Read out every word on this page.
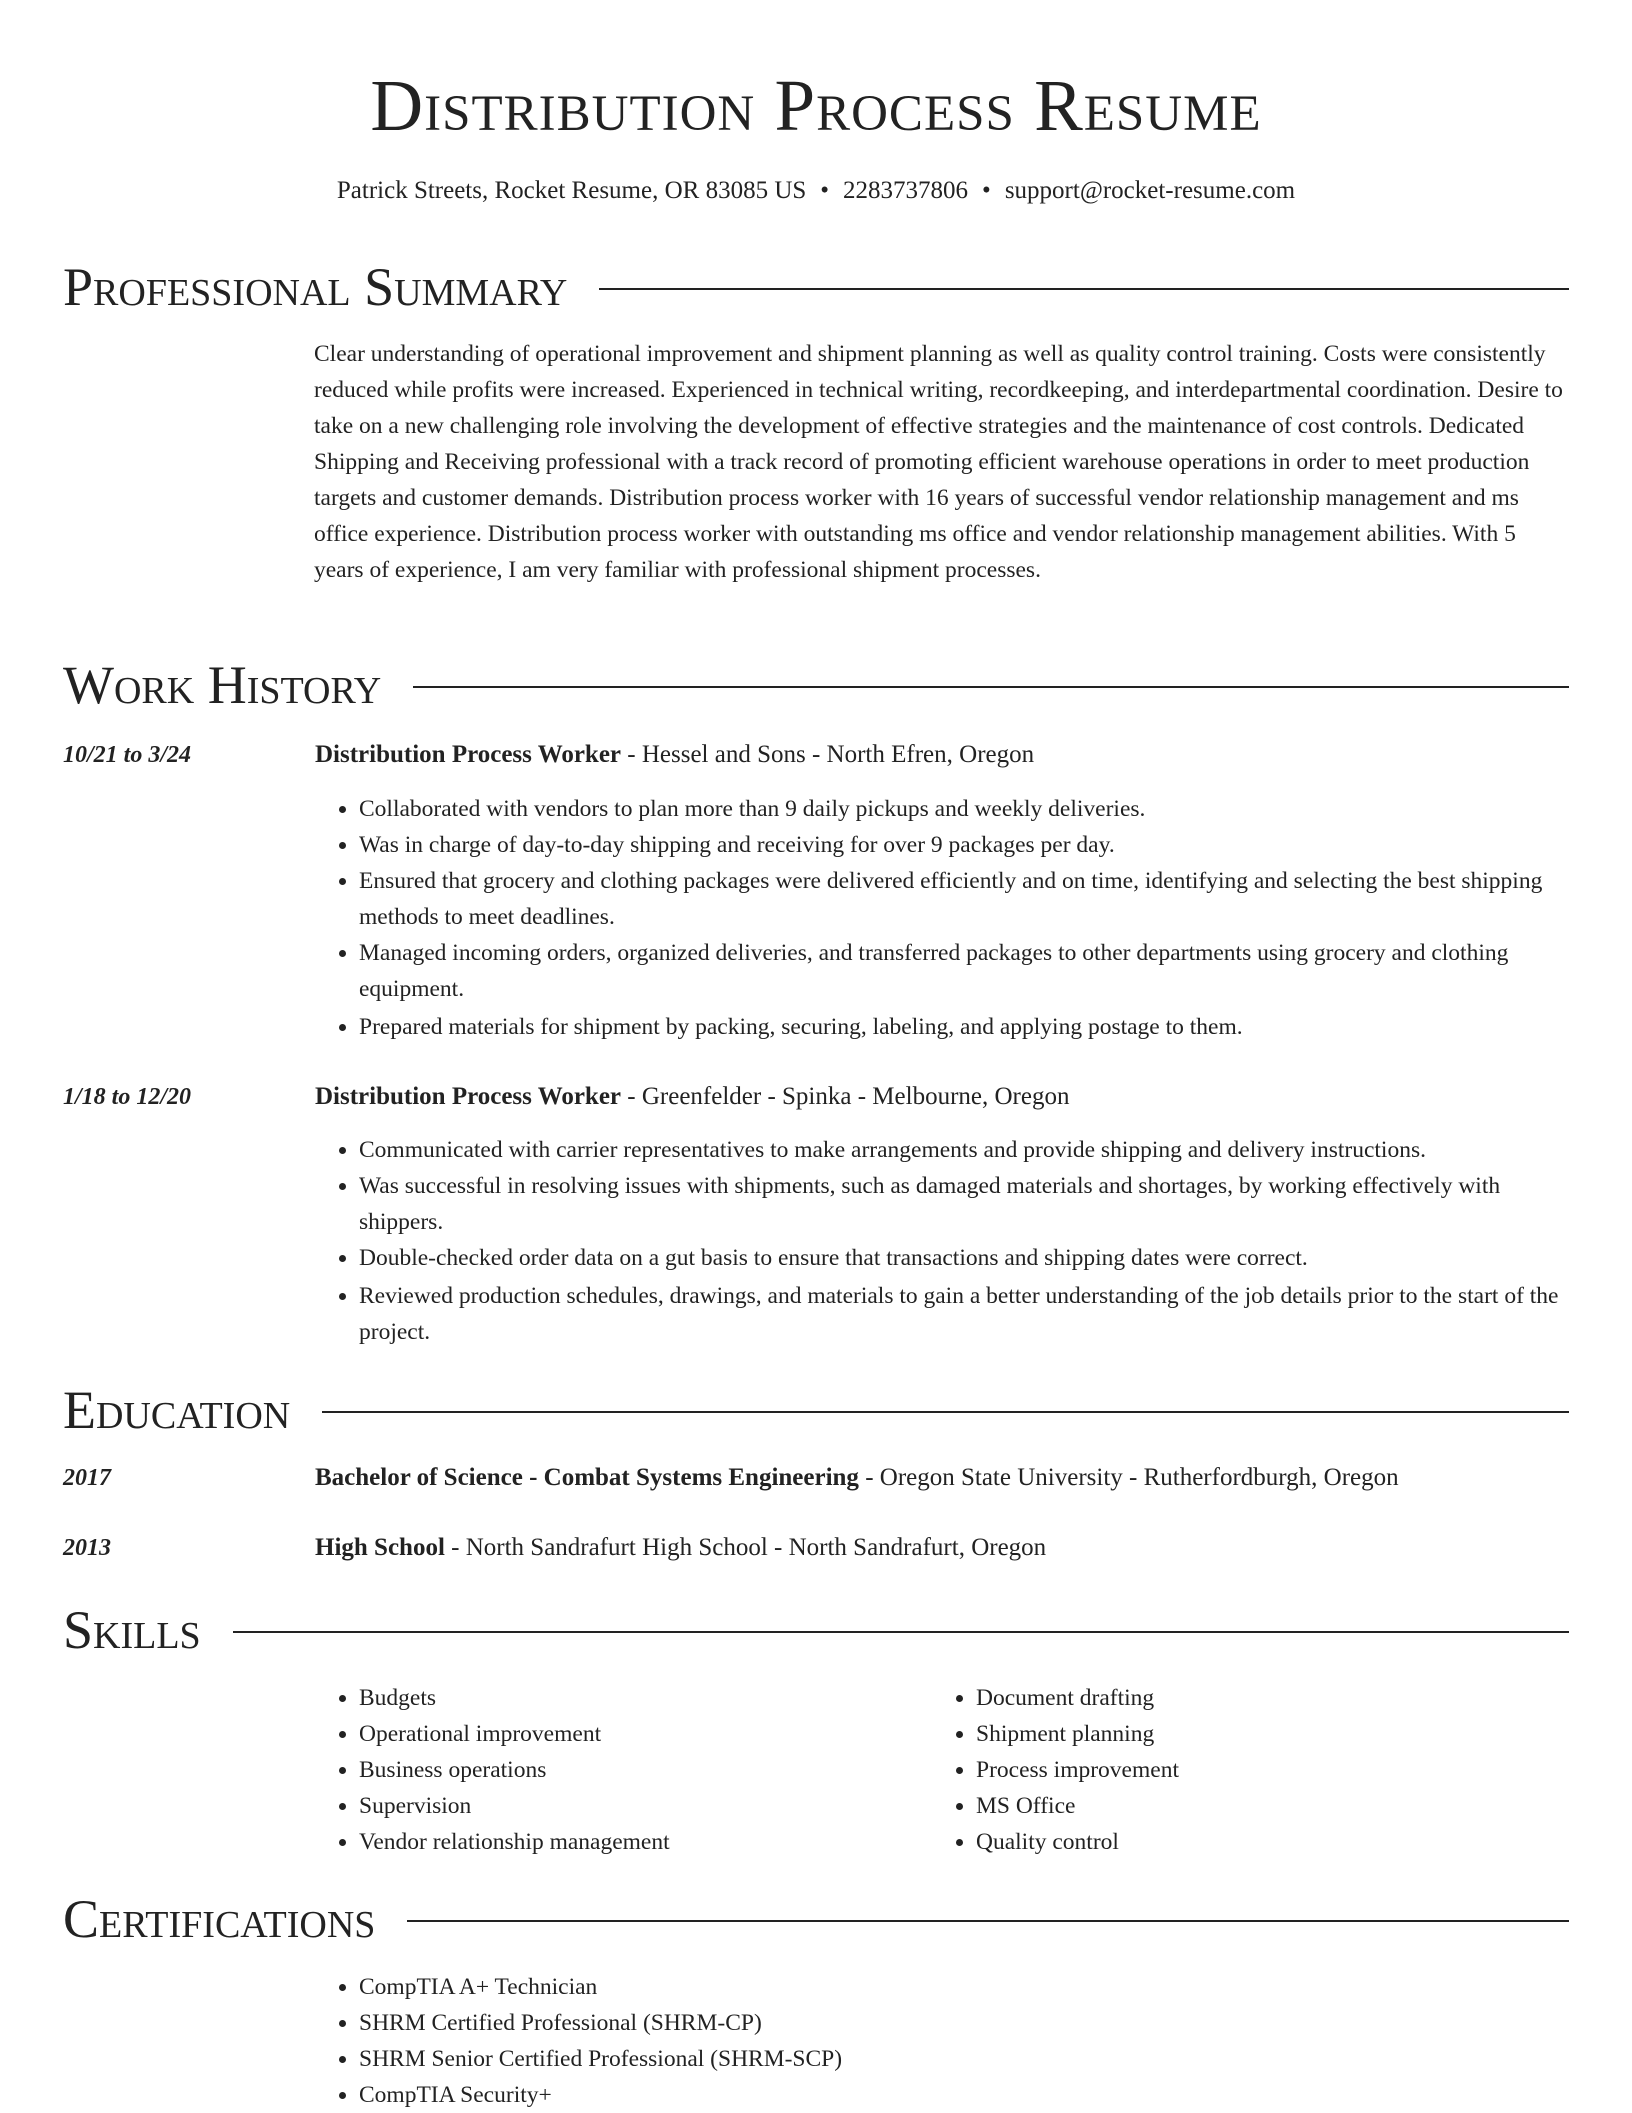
Distribution Process Resume
Patrick Streets, Rocket Resume, OR 83085 US • 2283737806 • support@rocket-resume.com
Professional Summary
Clear understanding of operational improvement and shipment planning as well as quality control training. Costs were consistently reduced while profits were increased. Experienced in technical writing, recordkeeping, and interdepartmental coordination. Desire to take on a new challenging role involving the development of effective strategies and the maintenance of cost controls. Dedicated Shipping and Receiving professional with a track record of promoting efficient warehouse operations in order to meet production targets and customer demands. Distribution process worker with 16 years of successful vendor relationship management and ms office experience. Distribution process worker with outstanding ms office and vendor relationship management abilities. With 5 years of experience, I am very familiar with professional shipment processes.
Work History
10/21 to 3/24	Distribution Process Worker - Hessel and Sons - North Efren, Oregon
• Collaborated with vendors to plan more than 9 daily pickups and weekly deliveries.
• Was in charge of day-to-day shipping and receiving for over 9 packages per day.
• Ensured that grocery and clothing packages were delivered efficiently and on time, identifying and selecting the best shipping methods to meet deadlines.
• Managed incoming orders, organized deliveries, and transferred packages to other departments using grocery and clothing equipment.
• Prepared materials for shipment by packing, securing, labeling, and applying postage to them.
1/18 to 12/20	Distribution Process Worker - Greenfelder - Spinka - Melbourne, Oregon
• Communicated with carrier representatives to make arrangements and provide shipping and delivery instructions.
• Was successful in resolving issues with shipments, such as damaged materials and shortages, by working effectively with shippers.
• Double-checked order data on a gut basis to ensure that transactions and shipping dates were correct.
• Reviewed production schedules, drawings, and materials to gain a better understanding of the job details prior to the start of the project.
Education
2017	Bachelor of Science - Combat Systems Engineering - Oregon State University - Rutherfordburgh, Oregon
2013	High School - North Sandrafurt High School - North Sandrafurt, Oregon
Skills
• Budgets
• Operational improvement
• Business operations
• Supervision
• Vendor relationship management
• Document drafting
• Shipment planning
• Process improvement
• MS Office
• Quality control
Certifications
• CompTIA A+ Technician
• SHRM Certified Professional (SHRM-CP)
• SHRM Senior Certified Professional (SHRM-SCP)
• CompTIA Security+
